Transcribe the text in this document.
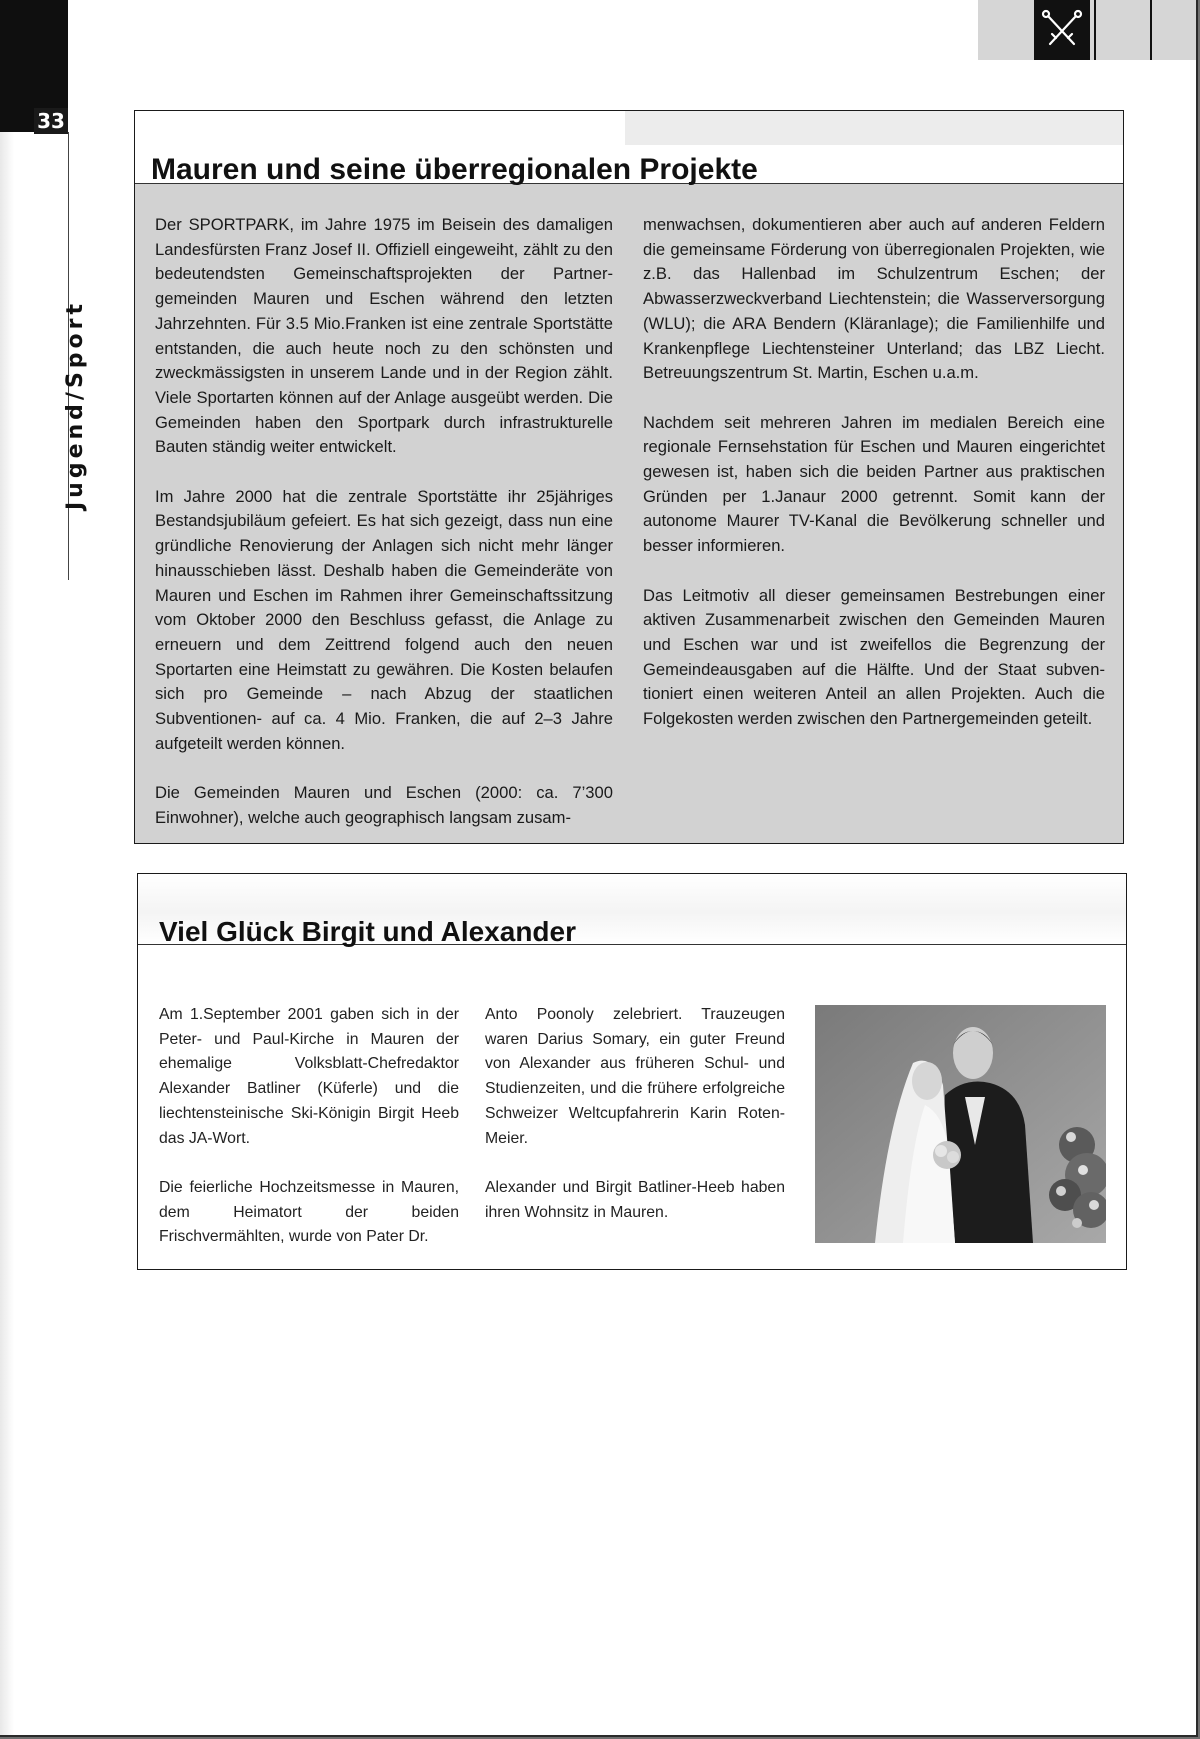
33
Jugend/Sport
Mauren und seine überregionalen Projekte

Der SPORTPARK, im Jahre 1975 im Beisein des damaligen Landesfürsten Franz Josef II. Offiziell eingeweiht, zählt zu den bedeutendsten Gemeinschaftsprojekten der Partnergemeinden Mauren und Eschen während den letzten Jahrzehnten. Für 3.5 Mio.Franken ist eine zentrale Sportstätte entstanden, die auch heute noch zu den schönsten und zweckmässigsten in unserem Lande und in der Region zählt. Viele Sportarten können auf der Anlage ausgeübt werden. Die Gemeinden haben den Sportpark durch infrastrukturelle Bauten ständig weiter entwickelt.

Im Jahre 2000 hat die zentrale Sportstätte ihr 25jähriges Bestandsjubiläum gefeiert. Es hat sich gezeigt, dass nun eine gründliche Renovierung der Anlagen sich nicht mehr länger hinausschieben lässt. Deshalb haben die Gemeinderäte von Mauren und Eschen im Rahmen ihrer Gemeinschaftssitzung vom Oktober 2000 den Beschluss gefasst, die Anlage zu erneuern und dem Zeittrend folgend auch den neuen Sportarten eine Heimstatt zu gewähren. Die Kosten belaufen sich pro Gemeinde – nach Abzug der staatlichen Subventionen- auf ca. 4 Mio. Franken, die auf 2–3 Jahre aufgeteilt werden können.

Die Gemeinden Mauren und Eschen (2000: ca. 7’300 Einwohner), welche auch geographisch langsam zusam-

menwachsen, dokumentieren aber auch auf anderen Feldern die gemeinsame Förderung von überregionalen Projekten, wie z.B. das Hallenbad im Schulzentrum Eschen; der Abwasserzweckverband Liechtenstein; die Wasserversorgung (WLU); die ARA Bendern (Kläranlage); die Familienhilfe und Krankenpflege Liechtensteiner Unterland; das LBZ Liecht. Betreuungszentrum St. Martin, Eschen u.a.m.

Nachdem seit mehreren Jahren im medialen Bereich eine regionale Fernsehstation für Eschen und Mauren eingerichtet gewesen ist, haben sich die beiden Partner aus praktischen Gründen per 1.Janaur 2000 getrennt. Somit kann der autonome Maurer TV-Kanal die Bevölkerung schneller und besser informieren.

Das Leitmotiv all dieser gemeinsamen Bestrebungen einer aktiven Zusammenarbeit zwischen den Gemeinden Mauren und Eschen war und ist zweifellos die Begrenzung der Gemeindeausgaben auf die Hälfte. Und der Staat subventioniert einen weiteren Anteil an allen Projekten. Auch die Folgekosten werden zwischen den Partnergemeinden geteilt.

Viel Glück Birgit und Alexander

Am 1.September 2001 gaben sich in der Peter- und Paul-Kirche in Mauren der ehemalige Volksblatt-Chefredaktor Alexander Batliner (Küferle) und die liechtensteinische Ski-Königin Birgit Heeb das JA-Wort.

Die feierliche Hochzeitsmesse in Mauren, dem Heimatort der beiden Frischvermählten, wurde von Pater Dr.

Anto Poonoly zelebriert. Trauzeugen waren Darius Somary, ein guter Freund von Alexander aus früheren Schul- und Studienzeiten, und die frühere erfolgreiche Schweizer Weltcupfahrerin Karin Roten-Meier.

Alexander und Birgit Batliner-Heeb haben ihren Wohnsitz in Mauren.
